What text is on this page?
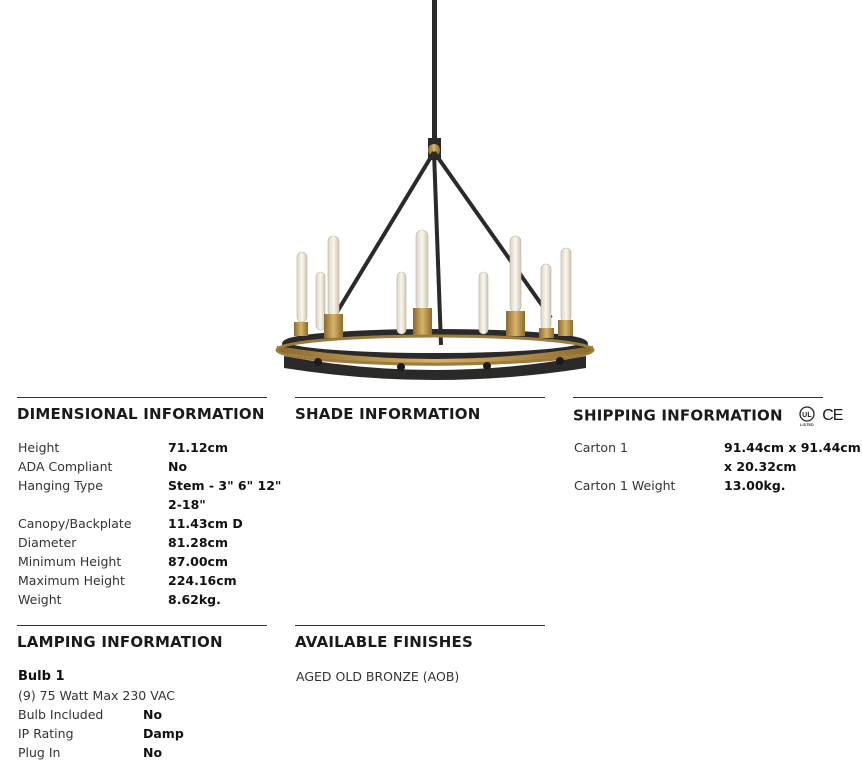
DIMENSIONAL INFORMATION
Height	71.12cm
ADA Compliant	No
Hanging Type	Stem - 3" 6" 12"
2-18"
Canopy/Backplate	11.43cm D
Diameter	81.28cm
Minimum Height	87.00cm
Maximum Height	224.16cm
Weight	8.62kg.
SHADE INFORMATION	SHIPPING INFORMATION	UL
LISTED
CE
Carton 1	91.44cm x 91.44cm
x 20.32cm
Carton 1 Weight	13.00kg.
LAMPING INFORMATION
Bulb 1
(9) 75 Watt Max 230 VAC
Bulb Included	No
IP Rating	Damp
Plug In	No
AVAILABLE FINISHES
AGED OLD BRONZE (AOB)
